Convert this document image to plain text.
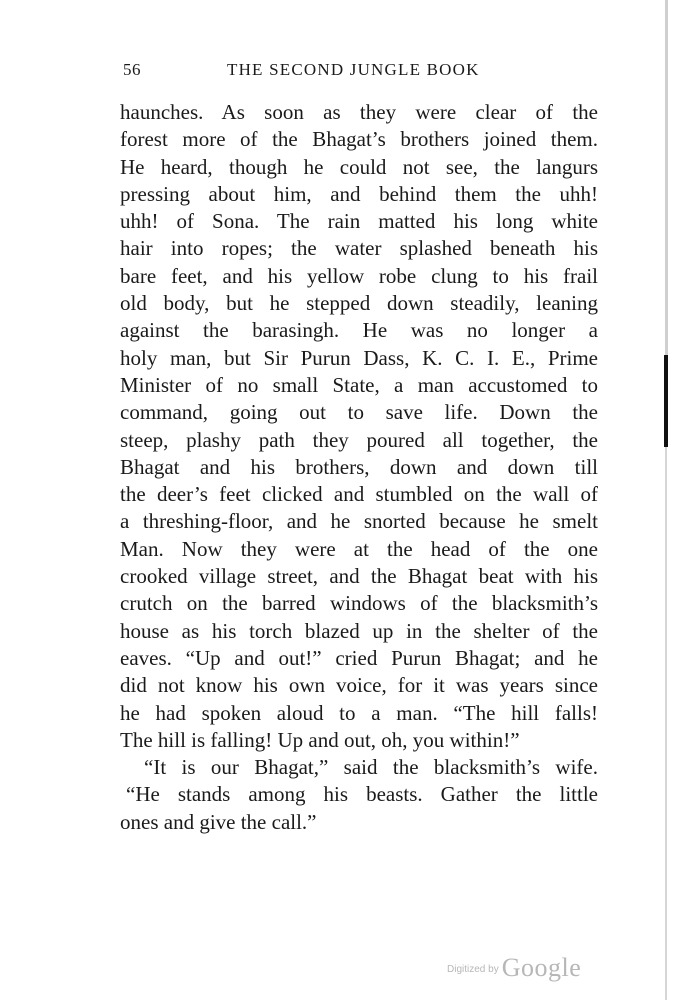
56	THE SECOND JUNGLE BOOK
haunches. As soon as they were clear of the
forest more of the Bhagat’s brothers joined them.
He heard, though he could not see, the langurs
pressing about him, and behind them the uhh!
uhh! of Sona. The rain matted his long white
hair into ropes; the water splashed beneath his
bare feet, and his yellow robe clung to his frail
old body, but he stepped down steadily, leaning
against the barasingh. He was no longer a
holy man, but Sir Purun Dass, K. C. I. E., Prime
Minister of no small State, a man accustomed to
command, going out to save life. Down the
steep, plashy path they poured all together, the
Bhagat and his brothers, down and down till
the deer’s feet clicked and stumbled on the wall of
a threshing-floor, and he snorted because he smelt
Man. Now they were at the head of the one
crooked village street, and the Bhagat beat with his
crutch on the barred windows of the blacksmith’s
house as his torch blazed up in the shelter of the
eaves. “Up and out!” cried Purun Bhagat; and he
did not know his own voice, for it was years since
he had spoken aloud to a man. “The hill falls!
The hill is falling! Up and out, oh, you within!”
“It is our Bhagat,” said the blacksmith’s wife.
“He stands among his beasts. Gather the little
ones and give the call.”
$^{Digitized by}$ Google
